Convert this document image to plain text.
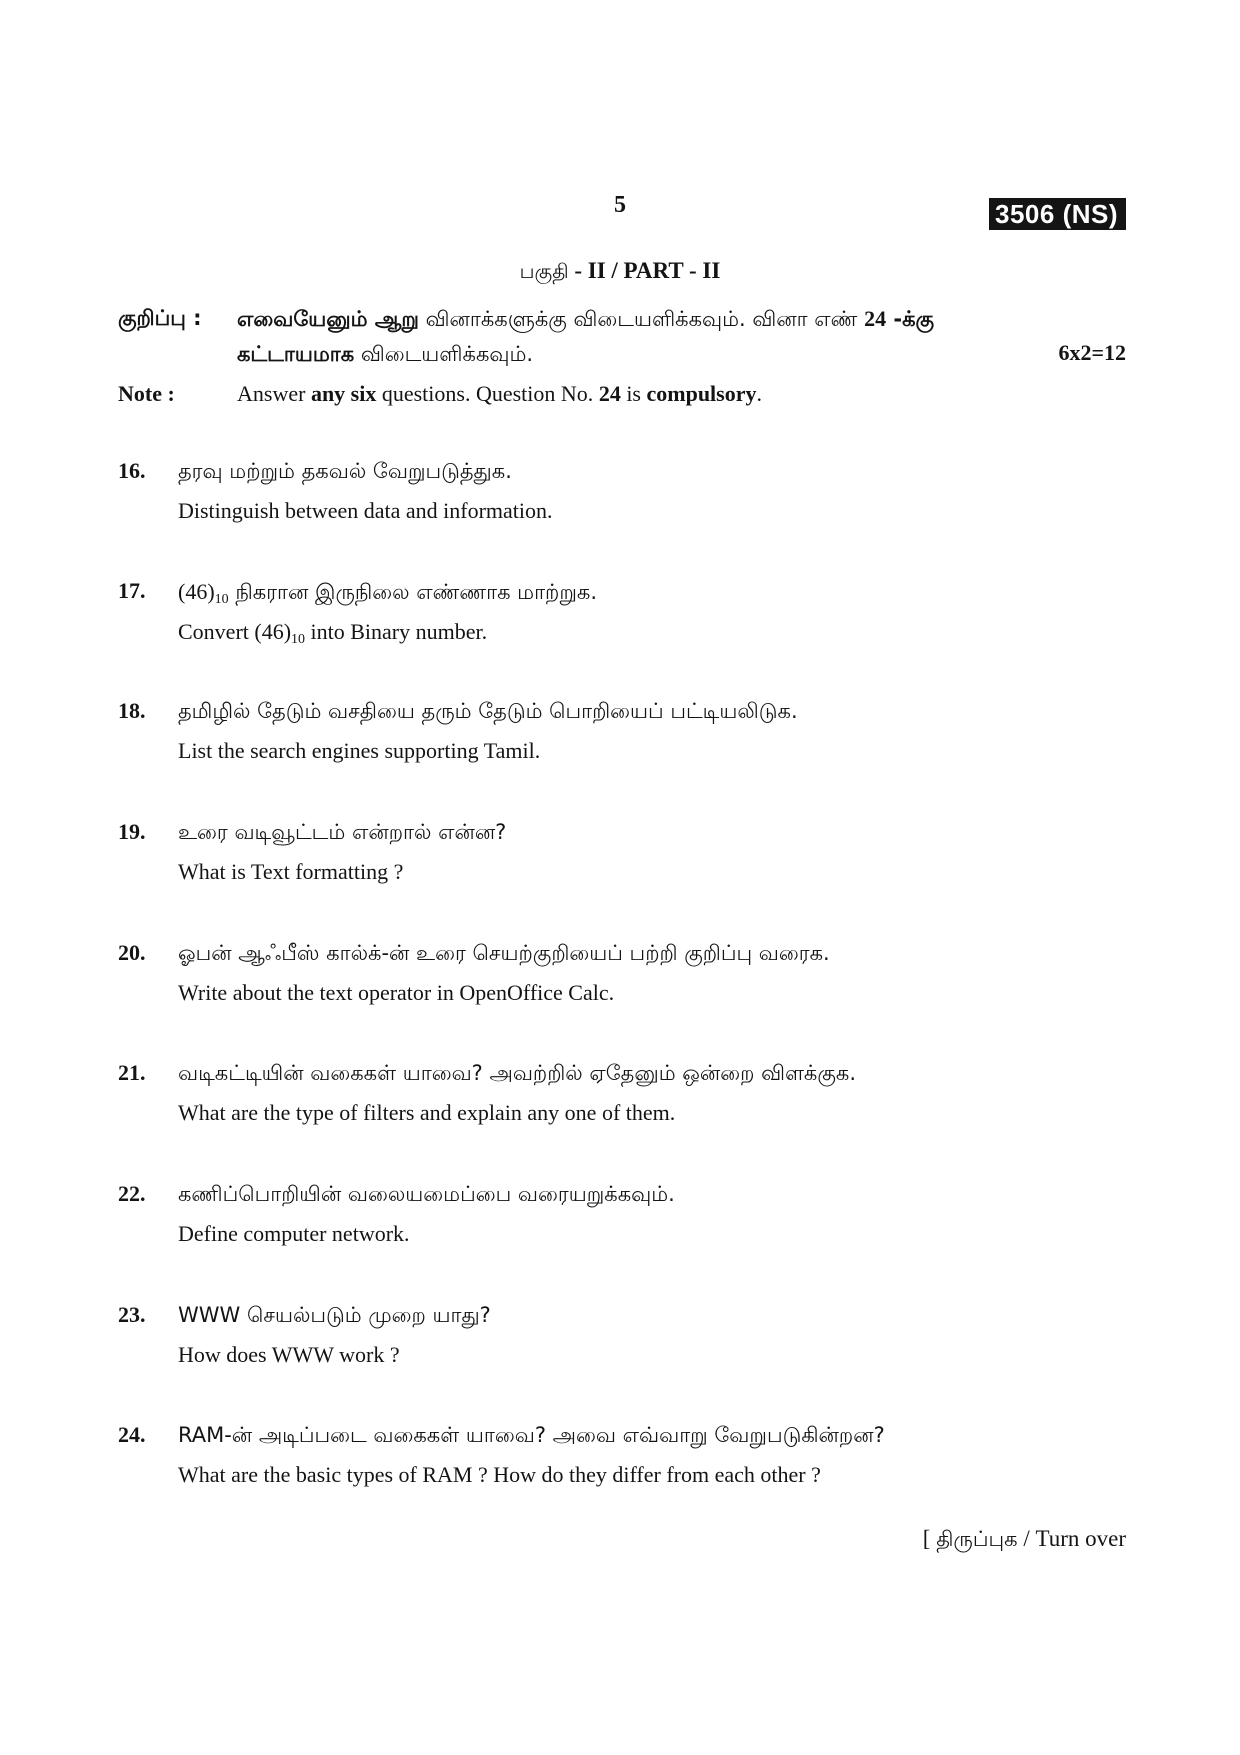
5	3506 (NS)
பகுதி - II / PART - II
குறிப்பு : எவையேனும் ஆறு வினாக்களுக்கு விடையளிக்கவும். வினா எண் 24 -க்கு
கட்டாயமாக விடையளிக்கவும்.	6x2=12
Note :	Answer any six questions. Question No. 24 is compulsory.
16. தரவு மற்றும் தகவல் வேறுபடுத்துக.
Distinguish between data and information.
17. $(46)_{10}$ நிகரான இருநிலை எண்ணாக மாற்றுக.
Convert $(46)_{10}$ into Binary number.
18. தமிழில் தேடும் வசதியை தரும் தேடும் பொறியைப் பட்டியலிடுக.
List the search engines supporting Tamil.
19. உரை வடிவூட்டம் என்றால் என்ன?
What is Text formatting ?
20. ஓபன் ஆஃபீஸ் கால்க்-ன் உரை செயற்குறியைப் பற்றி குறிப்பு வரைக.
Write about the text operator in OpenOffice Calc.
21. வடிகட்டியின் வகைகள் யாவை? அவற்றில் ஏதேனும் ஒன்றை விளக்குக.
What are the type of filters and explain any one of them.
22. கணிப்பொறியின் வலையமைப்பை வரையறுக்கவும்.
Define computer network.
23. WWW செயல்படும் முறை யாது?
How does WWW work ?
24. RAM-ன் அடிப்படை வகைகள் யாவை? அவை எவ்வாறு வேறுபடுகின்றன?
What are the basic types of RAM ? How do they differ from each other ?
[ திருப்புக / Turn over
